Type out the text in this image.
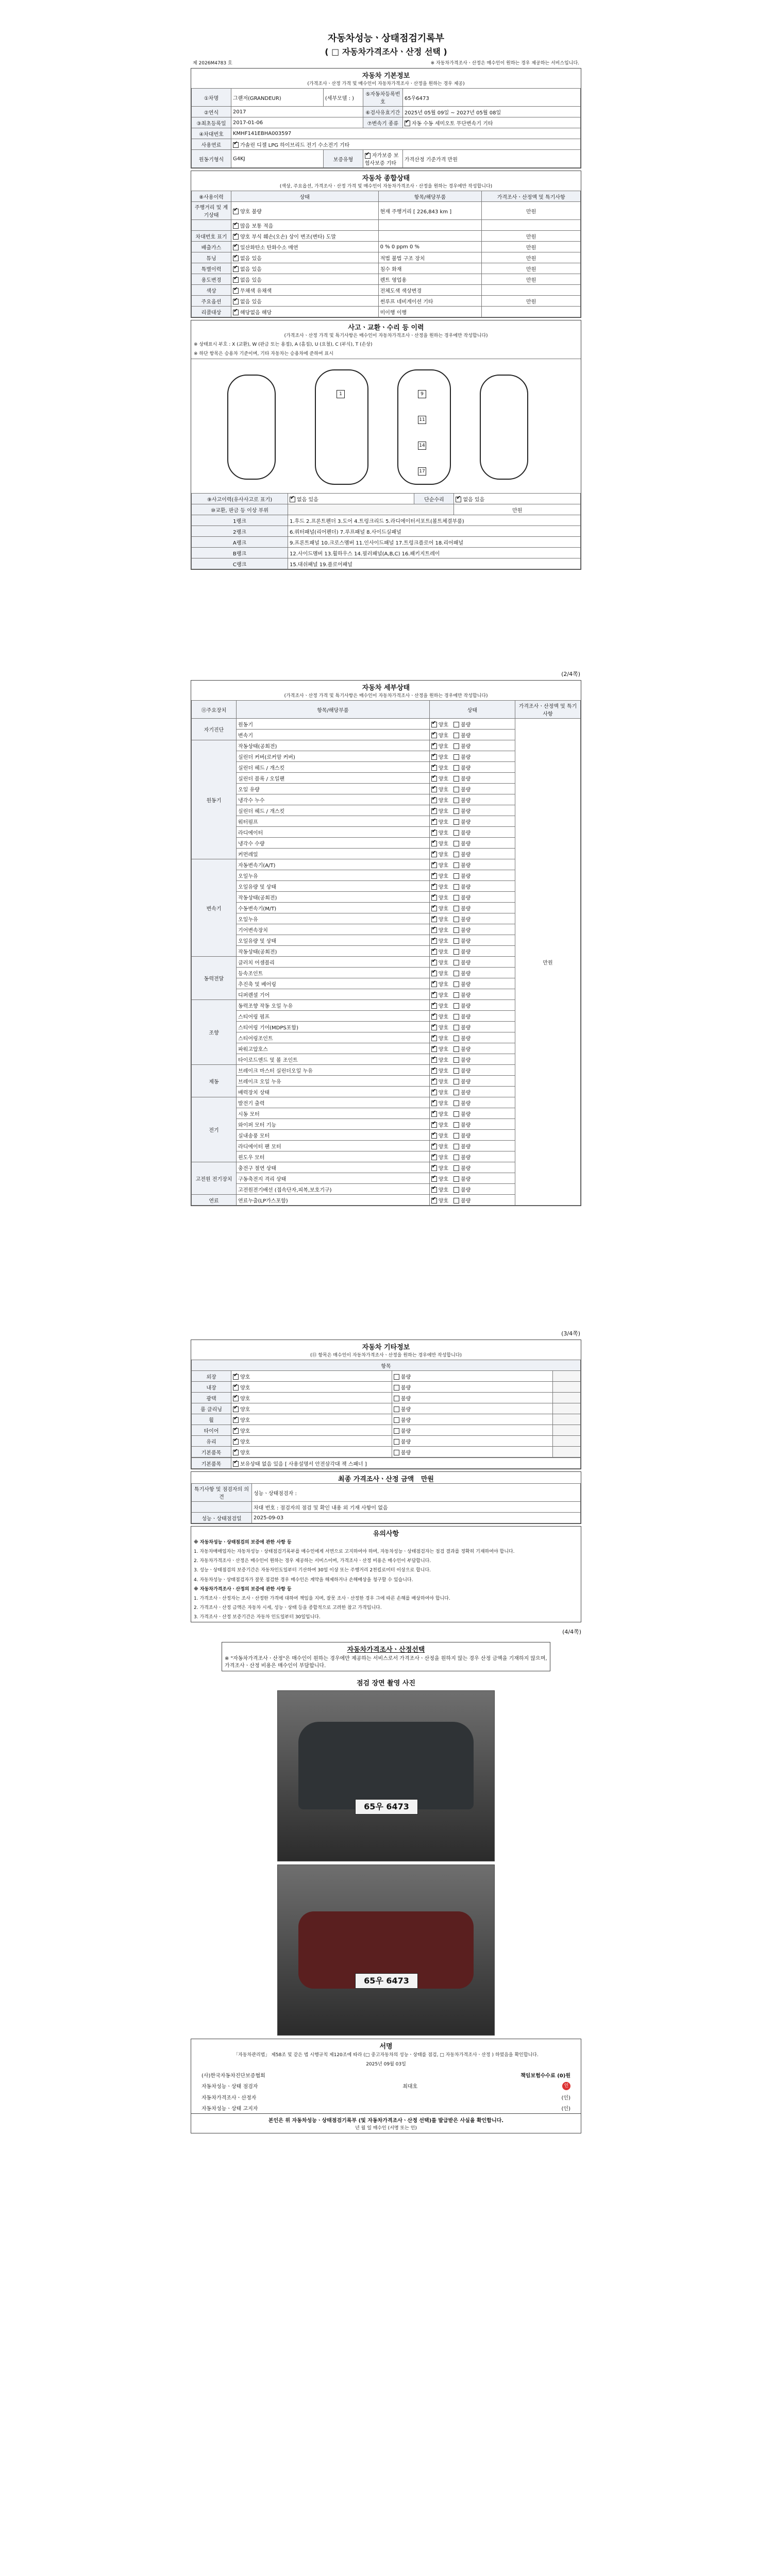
자동차성능ㆍ상태점검기록부
( □ 자동차가격조사ㆍ산정 선택 )
제 2026M4783 호	※ 자동차가격조사ㆍ산정은 매수인이 원하는 경우 제공하는 서비스입니다.
자동차 기본정보
(가격조사ㆍ산정 가격 및 매수인이 자동차가격조사ㆍ산정을 원하는 경우 제공)
①차명	그랜저(GRANDEUR)	(세부모델 : )	⑤자동차등록번호	65우6473
②연식	2017		⑥검사유효기간	2025년 05월 09일 ~ 2027년 05월 08일
③최초등록일	2017-01-06		⑦변속기 종류	✔자동 수동 세미오토 무단변속기 기타
④차대번호	KMHF141EBHA003597			
사용연료	✔가솔린 디젤 LPG 하이브리드 전기 수소전기 기타
원동기형식	G4KJ	보증유형	✔자가보증 보험사보증 기타	가격산정 기준가격 만원
자동차 종합상태
(색상, 주요옵션, 가격조사ㆍ산정 가격 및 매수인이 자동차가격조사ㆍ산정을 원하는 경우에만 작성합니다)
⑧사용이력	상태	항목/해당부품	가격조사ㆍ산정액 및 특기사항
주행거리 및 계기상태	✔양호 불량	현재 주행거리 [ 226,843 km ]	만원
	✔많음 보통 적음		
차대번호 표기	✔양호 부식 훼손(오손) 상이 변조(변타) 도말		만원
배출가스	✔일산화탄소 탄화수소 매연	0 % 0 ppm 0 %	만원
튜닝	✔없음 있음	적법 불법 구조 장치	만원
특별이력	✔없음 있음	침수 화재	만원
용도변경	✔없음 있음	렌트 영업용	만원
색상	✔무채색 유채색	전체도색 색상변경	
주요옵션	✔없음 있음	썬루프 네비게이션 기타	만원
리콜대상	✔해당없음 해당	미이행 이행	
사고ㆍ교환ㆍ수리 등 이력
(가격조사ㆍ산정 가격 및 특기사항은 매수인이 자동차가격조사ㆍ산정을 원하는 경우에만 작성합니다)
※ 상태표시 부호 : X (교환), W (판금 또는 용접), A (흠집), U (요철), C (부식), T (손상)
※ 하단 항목은 승용차 기준이며, 기타 자동차는 승용차에 준하여 표시
1	9
11
14
17
⑨사고이력(유사사고로 표기)	✔없음 있음	단순수리	✔없음 있음
⑩교환, 판금 등 이상 부위			만원
1랭크	1.후드 2.프론트펜더 3.도어 4.트렁크리드 5.라디에이터서포트(볼트체결부품)		
2랭크	6.쿼터패널(리어펜더) 7.루프패널 8.사이드실패널		
A랭크	9.프론트패널 10.크로스멤버 11.인사이드패널 17.트렁크플로어 18.리어패널		
B랭크	12.사이드멤버 13.휠하우스 14.필러패널(A,B,C) 16.패키지트레이		
C랭크	15.대쉬패널 19.플로어패널		
(2/4쪽)
자동차 세부상태
(가격조사ㆍ산정 가격 및 특기사항은 매수인이 자동차가격조사ㆍ산정을 원하는 경우에만 작성합니다)
⑪주요장치	항목/해당부품	상태	가격조사ㆍ산정액 및 특기사항
자기진단	원동기	✔양호 불량	만원
	변속기	✔양호 불량
원동기	작동상태(공회전)	✔양호 불량
	실린더 커버(로커암 커버)	✔양호 불량
	실린더 헤드 / 개스킷	✔양호 불량
	실린더 블록 / 오일팬	✔양호 불량
	오일 유량	✔양호 불량
	냉각수 누수	✔양호 불량
	실린더 헤드 / 개스킷	✔양호 불량
	워터펌프	✔양호 불량
	라디에이터	✔양호 불량
	냉각수 수량	✔양호 불량
	커먼레일	✔양호 불량
변속기	자동변속기(A/T)	✔양호 불량
	오일누유	✔양호 불량
	오일유량 및 상태	✔양호 불량
	작동상태(공회전)	✔양호 불량
	수동변속기(M/T)	✔양호 불량
	오일누유	✔양호 불량
	기어변속장치	✔양호 불량
	오일유량 및 상태	✔양호 불량
	작동상태(공회전)	✔양호 불량
동력전달	클러치 어셈블리	✔양호 불량
	등속조인트	✔양호 불량
	추진축 및 베어링	✔양호 불량
	디퍼렌셜 기어	✔양호 불량
조향	동력조향 작동 오일 누유	✔양호 불량
	스티어링 펌프	✔양호 불량
	스티어링 기어(MDPS포함)	✔양호 불량
	스티어링조인트	✔양호 불량
	파워고압호스	✔양호 불량
	타이로드엔드 및 볼 조인트	✔양호 불량
제동	브레이크 마스터 실린더오일 누유	✔양호 불량
	브레이크 오일 누유	✔양호 불량
	배력장치 상태	✔양호 불량
전기	발전기 출력	✔양호 불량
	시동 모터	✔양호 불량
	와이퍼 모터 기능	✔양호 불량
	실내송풍 모터	✔양호 불량
	라디에이터 팬 모터	✔양호 불량
	윈도우 모터	✔양호 불량
고전원 전기장치	충전구 절연 상태	✔양호 불량
	구동축전지 격리 상태	✔양호 불량
	고전원전기배선 (접속단자,피복,보호기구)	✔양호 불량
연료	연료누출(LP가스포함)	✔양호 불량
(3/4쪽)
자동차 기타정보
(⑪ 항목은 매수인이 자동차가격조사ㆍ산정을 원하는 경우에만 작성합니다)
항목			
외장	✔양호	불량	
내장	✔양호	불량	
광택	✔양호	불량	
룸 클리닝	✔양호	불량	
휠	✔양호	불량	
타이어	✔양호	불량	
유리	✔양호	불량	
기본품목	✔양호	불량	
기본품목	✔보유상태 없음 있음 [ 사용설명서 안전삼각대 잭 스패너 ]
최종 가격조사ㆍ산정 금액 만원
특기사항 및 점검자의 의견	성능ㆍ상태점검자 :
	차대 번호 : 점검자의 점검 및 확인 내용 외 기재 사항이 없음
성능ㆍ상태점검일	2025-09-03
유의사항
※ 자동차성능ㆍ상태점검의 보증에 관한 사항 등
1. 자동차매매업자는 자동차성능ㆍ상태점검기록부를 매수인에게 서면으로 고지하여야 하며, 자동차성능ㆍ상태점검자는 점검 결과를 정확히 기재하여야 합니다.
2. 자동차가격조사ㆍ산정은 매수인이 원하는 경우 제공하는 서비스이며, 가격조사ㆍ산정 비용은 매수인이 부담합니다.
3. 성능ㆍ상태점검의 보증기간은 자동차인도일부터 기산하여 30일 이상 또는 주행거리 2천킬로미터 이상으로 합니다.
4. 자동차성능ㆍ상태점검자가 잘못 점검한 경우 매수인은 계약을 해제하거나 손해배상을 청구할 수 있습니다.
※ 자동차가격조사ㆍ산정의 보증에 관한 사항 등
1. 가격조사ㆍ산정자는 조사ㆍ산정한 가격에 대하여 책임을 지며, 잘못 조사ㆍ산정한 경우 그에 따른 손해를 배상하여야 합니다.
2. 가격조사ㆍ산정 금액은 자동차 시세, 성능ㆍ상태 등을 종합적으로 고려한 참고 가격입니다.
3. 가격조사ㆍ산정 보증기간은 자동차 인도일부터 30일입니다.
(4/4쪽)
자동차가격조사ㆍ산정선택
※ "자동차가격조사ㆍ산정"은 매수인이 원하는 경우에만 제공하는 서비스로서 가격조사ㆍ산정을 원하지 않는 경우 산정 금액을 기재하지 않으며, 가격조사ㆍ산정 비용은 매수인이 부담합니다.
점검 장면 촬영 사진
65우 6473
65우 6473
서명
「자동차관리법」 제58조 및 같은 법 시행규칙 제120조에 따라 (□ 중고자동차의 성능ㆍ상태를 점검, □ 자동차가격조사ㆍ산정 ) 하였음을 확인합니다.
2025년 09월 03일
(사)한국자동차진단보증협회	책임보험수수료 (0)원
자동차성능ㆍ상태 점검자	최대호	인
자동차가격조사ㆍ산정자	(인)
자동차성능ㆍ상태 고지자	(인)
본인은 위 자동차성능ㆍ상태점검기록부 (및 자동차가격조사ㆍ산정 선택)를 발급받은 사실을 확인합니다.
년 월 일 매수인 (서명 또는 인)
